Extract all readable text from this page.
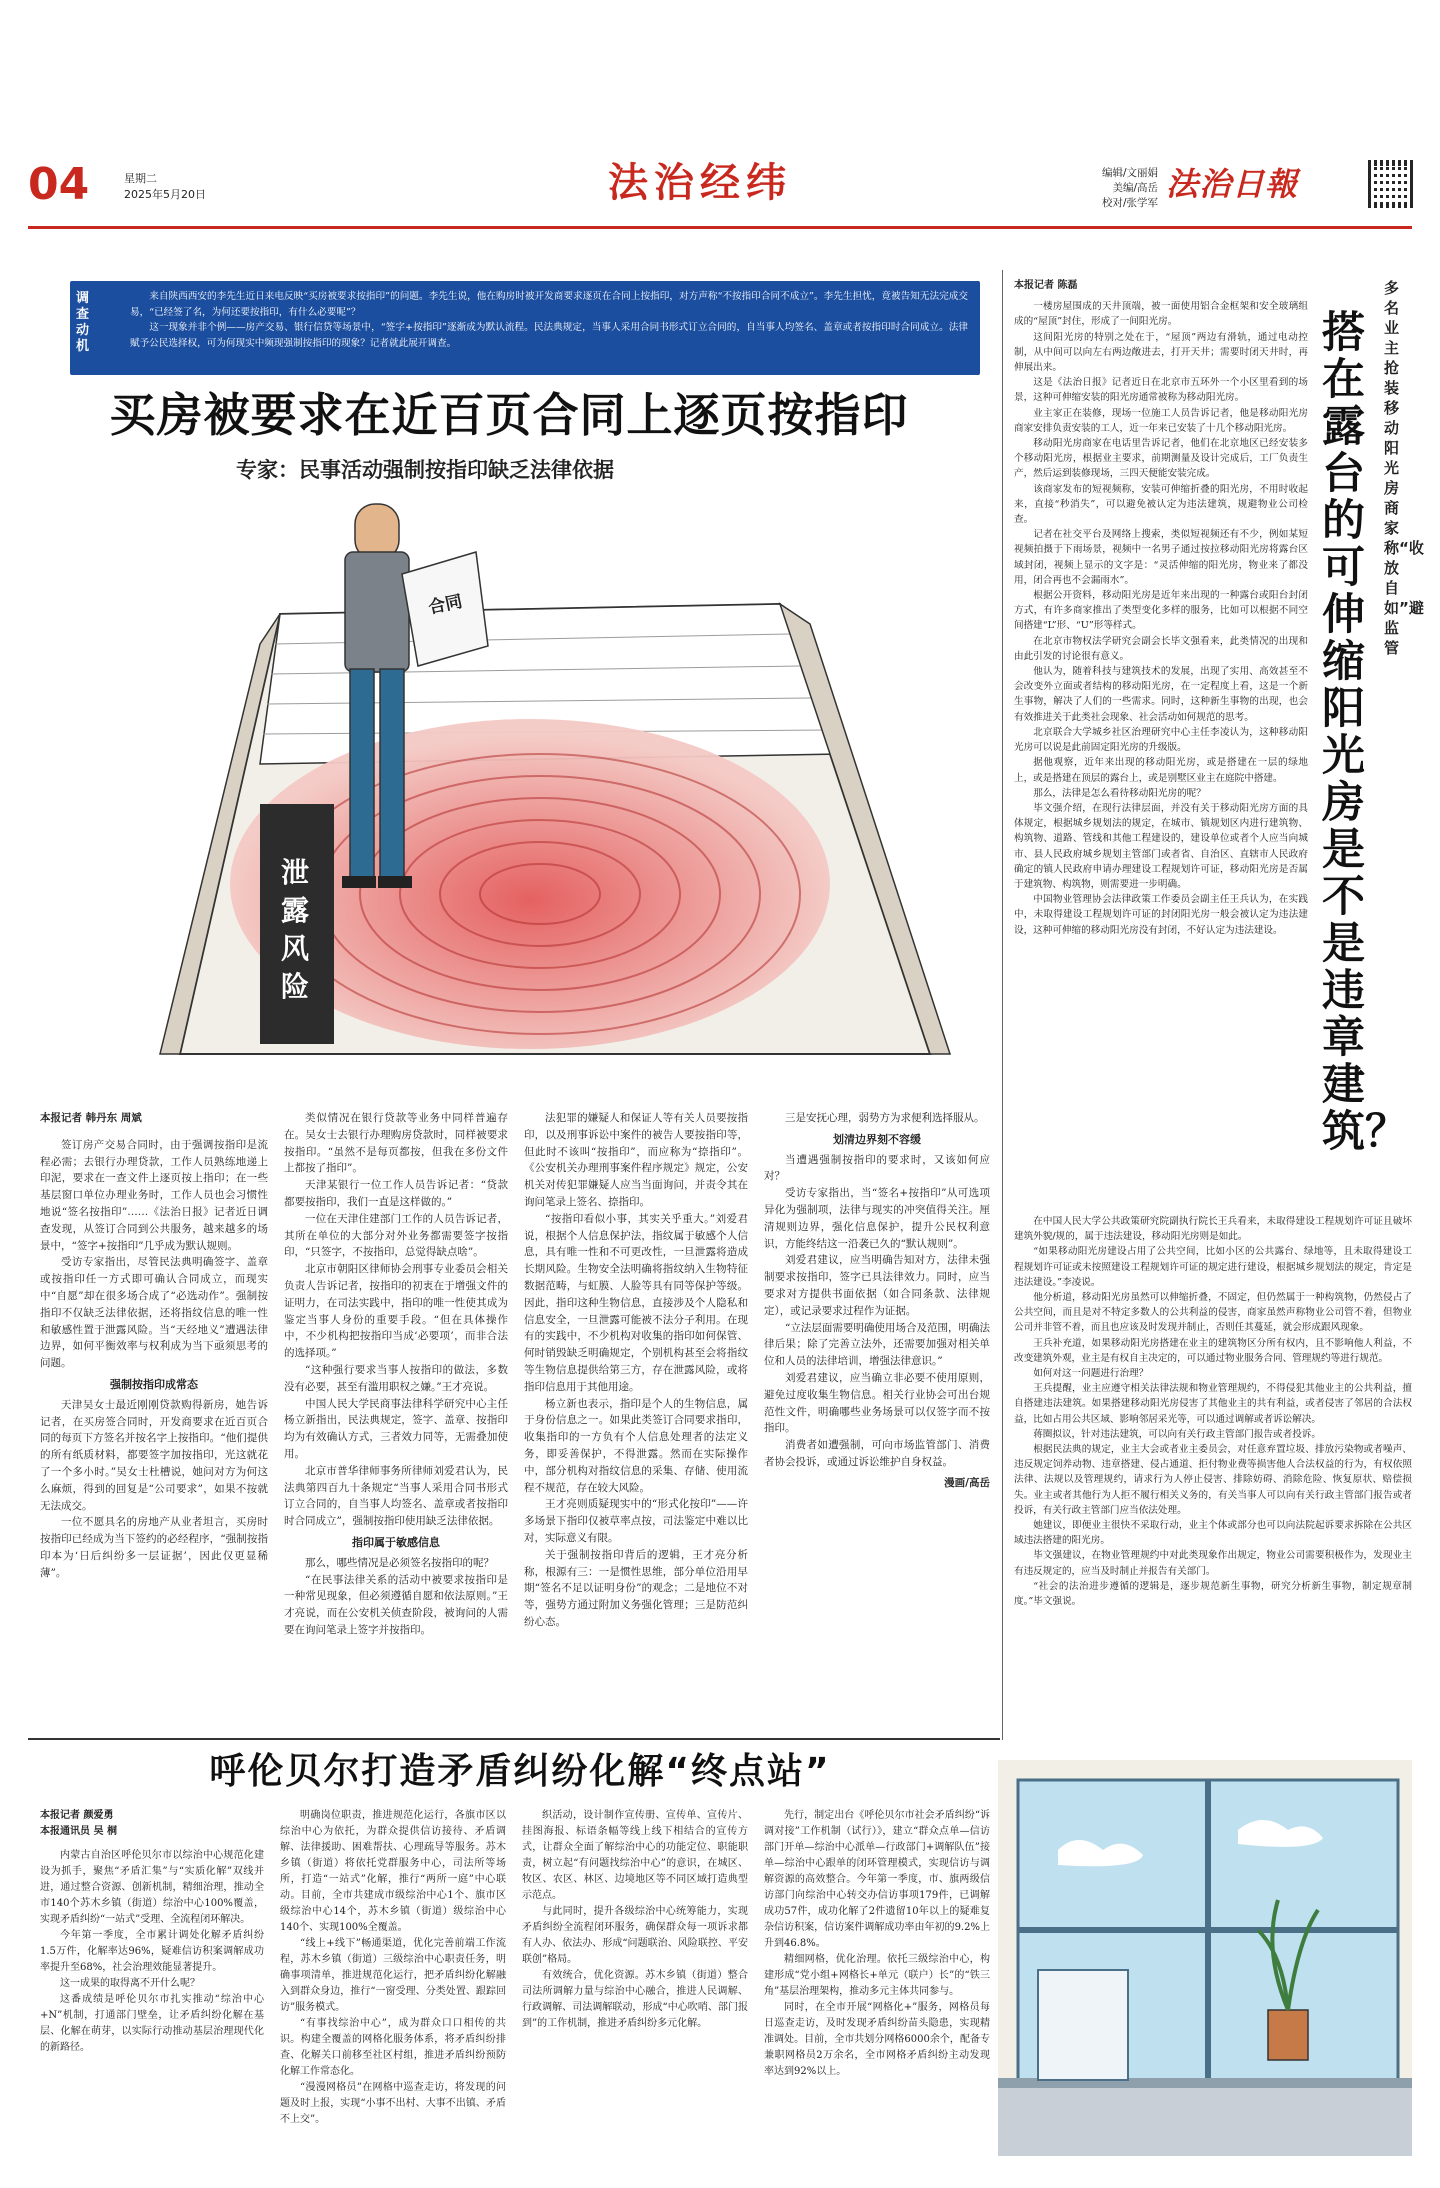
04	星期二
2025年5月20日	法治经纬	编辑/文丽娟
美编/高岳
校对/张学军 法治日報
调查动机
来自陕西西安的李先生近日来电反映“买房被要求按指印”的问题。李先生说，他在购房时被开发商要求逐页在合同上按指印，对方声称“不按指印合同不成立”。李先生担忧，竟被告知无法完成交易，“已经签了名，为何还要按指印，有什么必要呢”？
这一现象并非个例——房产交易、银行信贷等场景中，“签字+按指印”逐渐成为默认流程。民法典规定，当事人采用合同书形式订立合同的，自当事人均签名、盖章或者按指印时合同成立。法律赋予公民选择权，可为何现实中频现强制按指印的现象？记者就此展开调查。
买房被要求在近百页合同上逐页按指印
专家：民事活动强制按指印缺乏法律依据
合同
泄露风险
本报记者 韩丹东 周斌
签订房产交易合同时，由于强调按指印是流程必需；去银行办理贷款，工作人员熟练地递上印泥，要求在一查文件上逐页按上指印；在一些基层窗口单位办理业务时，工作人员也会习惯性地说“签名按指印”……《法治日报》记者近日调查发现，从签订合同到公共服务，越来越多的场景中，“签字+按指印”几乎成为默认规则。
受访专家指出，尽管民法典明确签字、盖章或按指印任一方式即可确认合同成立，而现实中“自愿”却在很多场合成了“必选动作”。强制按指印不仅缺乏法律依据，还将指纹信息的唯一性和敏感性置于泄露风险。当“天经地义”遭遇法律边界，如何平衡效率与权利成为当下亟须思考的问题。
强制按指印成常态
天津吴女士最近刚刚贷款购得新房，她告诉记者，在买房签合同时，开发商要求在近百页合同的每页下方签名并按名字上按指印。“他们提供的所有纸质材料，都要签字加按指印，光这就花了一个多小时。”吴女士杜槽说，她问对方为何这么麻烦，得到的回复是“公司要求”，如果不按就无法成交。
一位不愿具名的房地产从业者坦言，买房时按指印已经成为当下签约的必经程序，“强制按指印本为‘日后纠纷多一层证据’，因此仅更显稀薄”。
类似情况在银行贷款等业务中同样普遍存在。吴女士去银行办理购房贷款时，同样被要求按指印。“虽然不是每页都按，但我在多份文件上都按了指印”。
天津某银行一位工作人员告诉记者：“贷款都要按指印，我们一直是这样做的。”
一位在天津住建部门工作的人员告诉记者，其所在单位的大部分对外业务都需要签字按指印，“只签字，不按指印，总觉得缺点啥”。
北京市朝阳区律师协会刑事专业委员会相关负责人告诉记者，按指印的初衷在于增强文件的证明力，在司法实践中，指印的唯一性使其成为鉴定当事人身份的重要手段。“但在具体操作中，不少机构把按指印当成‘必要项’，而非合法的选择项。”
“这种强行要求当事人按指印的做法，多数没有必要，甚至有滥用职权之嫌。”王才亮说。
中国人民大学民商事法律科学研究中心主任杨立新指出，民法典规定，签字、盖章、按指印均为有效确认方式，三者效力同等，无需叠加使用。
北京市普华律师事务所律师刘爱君认为，民法典第四百九十条规定“当事人采用合同书形式订立合同的，自当事人均签名、盖章或者按指印时合同成立”，强制按指印使用缺乏法律依据。
指印属于敏感信息
那么，哪些情况是必须签名按指印的呢？
“在民事法律关系的活动中被要求按指印是一种常见现象，但必须遵循自愿和依法原则。”王才亮说，而在公安机关侦查阶段，被询问的人需要在询问笔录上签字并按指印。
法犯罪的嫌疑人和保证人等有关人员要按指印，以及刑事诉讼中案件的被告人要按指印等，但此时不该叫“按指印”，而应称为“捺指印”。《公安机关办理刑事案件程序规定》规定，公安机关对传犯罪嫌疑人应当当面询问，并责令其在询问笔录上签名、捺指印。
“按指印看似小事，其实关乎重大。”刘爱君说，根据个人信息保护法，指纹属于敏感个人信息，具有唯一性和不可更改性，一旦泄露将造成长期风险。生物安全法明确将指纹纳入生物特征数据范畴，与虹膜、人脸等具有同等保护等级。因此，指印这种生物信息，直接涉及个人隐私和信息安全，一旦泄露可能被不法分子利用。在现有的实践中，不少机构对收集的指印如何保管、何时销毁缺乏明确规定，个别机构甚至会将指纹等生物信息提供给第三方，存在泄露风险，或将指印信息用于其他用途。
杨立新也表示，指印是个人的生物信息，属于身份信息之一。如果此类签订合同要求指印，收集指印的一方负有个人信息处理者的法定义务，即妥善保护，不得泄露。然而在实际操作中，部分机构对指纹信息的采集、存储、使用流程不规范，存在较大风险。
王才亮则质疑现实中的“形式化按印”——许多场景下指印仅被草率点按，司法鉴定中难以比对，实际意义有限。
关于强制按指印背后的逻辑，王才亮分析称，根源有三：一是惯性思维，部分单位沿用早期“签名不足以证明身份”的观念；二是地位不对等，强势方通过附加义务强化管理；三是防范纠纷心态。
三是安抚心理，弱势方为求便利选择服从。
划清边界刻不容缓
当遭遇强制按指印的要求时，又该如何应对？
受访专家指出，当“签名+按指印”从可选项异化为强制项，法律与现实的冲突值得关注。厘清规则边界，强化信息保护，提升公民权利意识，方能终结这一沿袭已久的“默认规则”。
刘爱君建议，应当明确告知对方，法律未强制要求按指印，签字已具法律效力。同时，应当要求对方提供书面依据（如合同条款、法律规定），或记录要求过程作为证据。
“立法层面需要明确使用场合及范围，明确法律后果；除了完善立法外，还需要加强对相关单位和人员的法律培训，增强法律意识。”
刘爱君建议，应当确立非必要不使用原则，避免过度收集生物信息。相关行业协会可出台规范性文件，明确哪些业务场景可以仅签字而不按指印。
消费者如遭强制，可向市场监管部门、消费者协会投诉，或通过诉讼维护自身权益。
漫画/高岳
多名业主抢装移动阳光房 商家称“收放自如”避监管
搭在露台的可伸缩阳光房是不是违章建筑？
本报记者 陈磊
一楼房屋围成的天井顶端，被一面使用铝合金框架和安全玻璃组成的“屋顶”封住，形成了一间阳光房。
这间阳光房的特别之处在于，“屋顶”两边有滑轨，通过电动控制，从中间可以向左右两边敞进去，打开天井；需要时闭天井时，再伸展出来。
这是《法治日报》记者近日在北京市五环外一个小区里看到的场景，这种可伸缩安装的阳光房通常被称为移动阳光房。
业主家正在装修，现场一位施工人员告诉记者，他是移动阳光房商家安排负责安装的工人，近一年来已安装了十几个移动阳光房。
移动阳光房商家在电话里告诉记者，他们在北京地区已经安装多个移动阳光房，根据业主要求，前期测量及设计完成后，工厂负责生产，然后运到装修现场，三四天便能安装完成。
该商家发布的短视频称，安装可伸缩折叠的阳光房，不用时收起来，直接“秒消失”，可以避免被认定为违法建筑，规避物业公司检查。
记者在社交平台及网络上搜索，类似短视频还有不少，例如某短视频拍摄于下雨场景，视频中一名男子通过按拉移动阳光房将露台区域封闭，视频上显示的文字是：“灵活伸缩的阳光房，物业来了都没用，闭合再也不会漏雨水”。
根据公开资料，移动阳光房是近年来出现的一种露台或阳台封闭方式，有许多商家推出了类型变化多样的服务，比如可以根据不同空间搭建“L”形、“U”形等样式。
在北京市物权法学研究会副会长毕文强看来，此类情况的出现和由此引发的讨论很有意义。
他认为，随着科技与建筑技术的发展，出现了实用、高效甚至不会改变外立面或者结构的移动阳光房，在一定程度上看，这是一个新生事物，解决了人们的一些需求。同时，这种新生事物的出现，也会有效推进关于此类社会现象、社会活动如何规范的思考。
北京联合大学城乡社区治理研究中心主任李凌认为，这种移动阳光房可以说是此前固定阳光房的升级版。
据他观察，近年来出现的移动阳光房，或是搭建在一层的绿地上，或是搭建在顶层的露台上，或是别墅区业主在庭院中搭建。
那么，法律是怎么看待移动阳光房的呢？
毕文强介绍，在现行法律层面，并没有关于移动阳光房方面的具体规定，根据城乡规划法的规定，在城市、镇规划区内进行建筑物、构筑物、道路、管线和其他工程建设的，建设单位或者个人应当向城市、县人民政府城乡规划主管部门或者省、自治区、直辖市人民政府确定的镇人民政府申请办理建设工程规划许可证，移动阳光房是否属于建筑物、构筑物，则需要进一步明确。
中国物业管理协会法律政策工作委员会副主任王兵认为，在实践中，未取得建设工程规划许可证的封闭阳光房一般会被认定为违法建设，这种可伸缩的移动阳光房没有封闭，不好认定为违法建设。
在中国人民大学公共政策研究院副执行院长王兵看来，未取得建设工程规划许可证且破坏建筑外貌/规的，属于违法建设，移动阳光房则是如此。
“如果移动阳光房建设占用了公共空间，比如小区的公共露台、绿地等，且未取得建设工程规划许可证或未按照建设工程规划许可证的规定进行建设，根据城乡规划法的规定，肯定是违法建设。”李凌说。
他分析道，移动阳光房虽然可以伸缩折叠，不固定，但仍然属于一种构筑物，仍然侵占了公共空间，而且是对不特定多数人的公共利益的侵害，商家虽然声称物业公司管不着，但物业公司并非管不着，而且也应该及时发现并制止，否则任其蔓延，就会形成跟风现象。
王兵补充道，如果移动阳光房搭建在业主的建筑物区分所有权内，且不影响他人利益，不改变建筑外观，业主是有权自主决定的，可以通过物业服务合同、管理规约等进行规范。
如何对这一问题进行治理？
王兵提醒，业主应遵守相关法律法规和物业管理规约，不得侵犯其他业主的公共利益，擅自搭建违法建筑。如果搭建移动阳光房侵害了其他业主的共有利益，或者侵害了邻居的合法权益，比如占用公共区域、影响邻居采光等，可以通过调解或者诉讼解决。
蒋圈拟议，针对违法建筑，可以向有关行政主管部门报告或者投诉。
根据民法典的规定，业主大会或者业主委员会，对任意弃置垃圾、排放污染物或者噪声、违反规定饲养动物、违章搭建、侵占通道、拒付物业费等损害他人合法权益的行为，有权依照法律、法规以及管理规约，请求行为人停止侵害、排除妨碍、消除危险、恢复原状、赔偿损失。业主或者其他行为人拒不履行相关义务的，有关当事人可以向有关行政主管部门报告或者投诉，有关行政主管部门应当依法处理。
她建议，即便业主很快不采取行动，业主个体或部分也可以向法院起诉要求拆除在公共区域违法搭建的阳光房。
毕文强建议，在物业管理规约中对此类现象作出规定，物业公司需要积极作为，发现业主有违反规定的，应当及时制止并报告有关部门。
“社会的法治进步遵循的逻辑是，逐步规范新生事物，研究分析新生事物，制定规章制度。”毕文强说。
呼伦贝尔打造矛盾纠纷化解“终点站”
本报记者 颜爱勇
本报通讯员 吴 桐
内蒙古自治区呼伦贝尔市以综治中心规范化建设为抓手，聚焦“矛盾汇集”与“实质化解”双线并进，通过整合资源、创新机制，精细治理，推动全市140个苏木乡镇（街道）综治中心100%覆盖，实现矛盾纠纷“一站式”受理、全流程闭环解决。
今年第一季度，全市累计调处化解矛盾纠纷1.5万件，化解率达96%，疑难信访积案调解成功率提升至68%，社会治理效能显著提升。
这一成果的取得离不开什么呢？
这番成绩是呼伦贝尔市扎实推动“综治中心+N”机制，打通部门壁垒，让矛盾纠纷化解在基层、化解在萌芽，以实际行动推动基层治理现代化的新路径。
明确岗位职责，推进规范化运行，各旗市区以综治中心为依托，为群众提供信访接待、矛盾调解、法律援助、困难帮扶、心理疏导等服务。苏木乡镇（街道）将依托党群服务中心，司法所等场所，打造“一站式”化解，推行“两所一庭”中心联动。目前，全市共建成市级综治中心1个、旗市区级综治中心14个，苏木乡镇（街道）级综治中心140个、实现100%全覆盖。
“线上+线下”畅通渠道，优化完善前端工作流程，苏木乡镇（街道）三级综治中心职责任务，明确事项清单，推进规范化运行，把矛盾纠纷化解融入到群众身边，推行“一窗受理、分类处置、跟踪回访”服务模式。
“有事找综治中心”，成为群众口口相传的共识。构建全覆盖的网格化服务体系，将矛盾纠纷排查、化解关口前移至社区村组，推进矛盾纠纷预防化解工作常态化。
“漫漫网格员”在网格中巡查走访，将发现的问题及时上报，实现“小事不出村、大事不出镇、矛盾不上交”。
织活动，设计制作宣传册、宣传单、宣传片、挂图海报、标语条幅等线上线下相结合的宣传方式，让群众全面了解综治中心的功能定位、职能职责，树立起“有问题找综治中心”的意识，在城区、牧区、农区、林区、边境地区等不同区域打造典型示范点。
与此同时，提升各级综治中心统筹能力，实现矛盾纠纷全流程闭环服务，确保群众每一项诉求都有人办、依法办、形成“问题联治、风险联控、平安联创”格局。
有效统合，优化资源。苏木乡镇（街道）整合司法所调解力量与综治中心融合，推进人民调解、行政调解、司法调解联动，形成“中心吹哨、部门报到”的工作机制，推进矛盾纠纷多元化解。
先行，制定出台《呼伦贝尔市社会矛盾纠纷“诉调对接”工作机制（试行）》，建立“群众点单—信访部门开单—综治中心派单—行政部门+调解队伍”接单—综治中心跟单的闭环管理模式，实现信访与调解资源的高效整合。今年第一季度，市、旗两级信访部门向综治中心转交办信访事项179件，已调解成功57件，成功化解了2件遗留10年以上的疑难复杂信访积案，信访案件调解成功率由年初的9.2%上升到46.8%。
精细网格，优化治理。依托三级综治中心，构建形成“党小组+网格长+单元（联户）长”的“铁三角”基层治理架构，推动多元主体共同参与。
同时，在全市开展“网格化+”服务，网格员每日巡查走访，及时发现矛盾纠纷苗头隐患，实现精准调处。目前，全市共划分网格6000余个，配备专兼职网格员2万余名，全市网格矛盾纠纷主动发现率达到92%以上。
